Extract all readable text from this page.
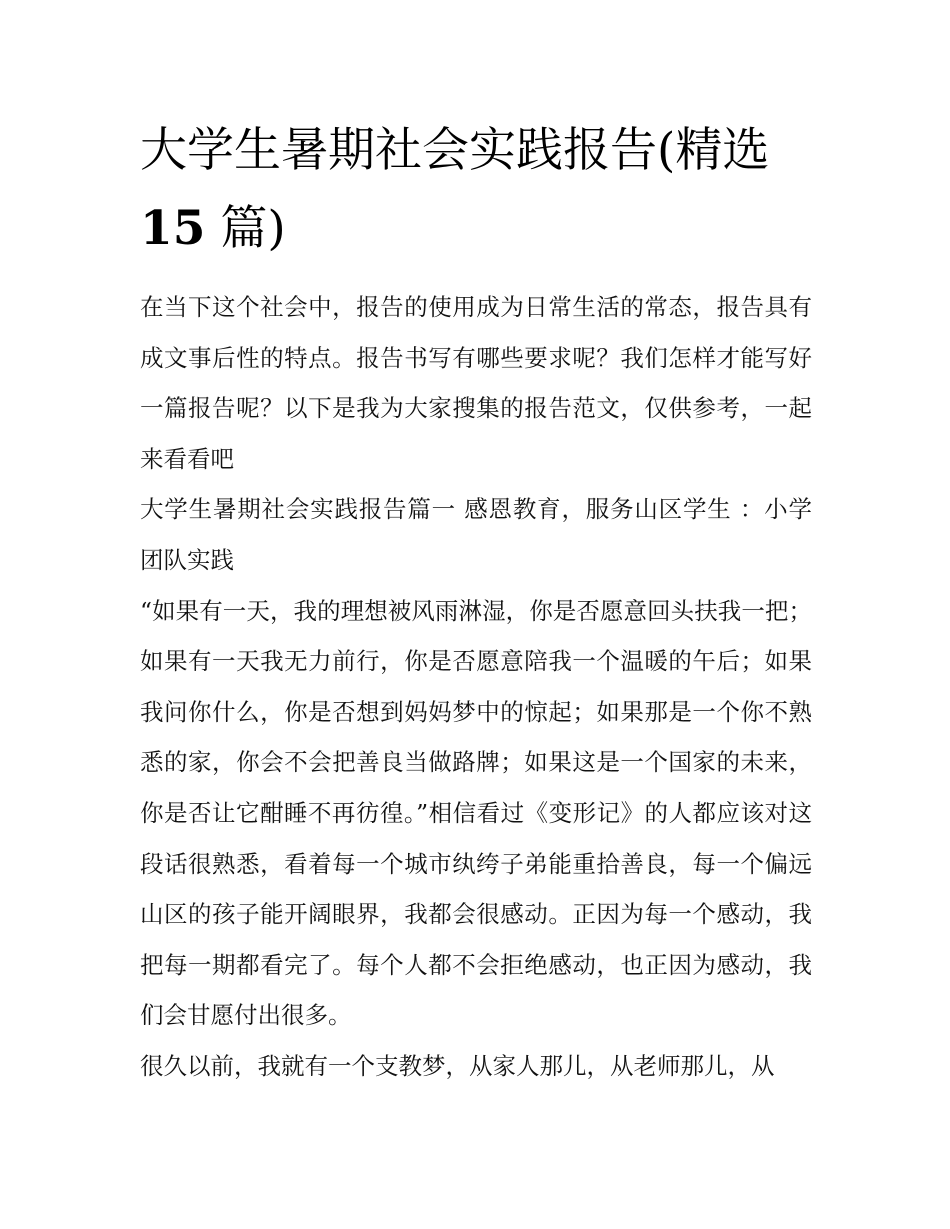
大学生暑期社会实践报告(精选
15 篇)

在当下这个社会中，报告的使用成为日常生活的常态，报告具有成文事后性的特点。报告书写有哪些要求呢？我们怎样才能写好一篇报告呢？以下是我为大家搜集的报告范文，仅供参考，一起来看看吧

大学生暑期社会实践报告篇一 感恩教育，服务山区学生 ：小学 团队实践

“如果有一天，我的理想被风雨淋湿，你是否愿意回头扶我一把；如果有一天我无力前行，你是否愿意陪我一个温暖的午后；如果我问你什么，你是否想到妈妈梦中的惊起；如果那是一个你不熟悉的家，你会不会把善良当做路牌；如果这是一个国家的未来，你是否让它酣睡不再彷徨。”相信看过《变形记》的人都应该对这段话很熟悉，看着每一个城市纨绔子弟能重拾善良，每一个偏远山区的孩子能开阔眼界，我都会很感动。正因为每一个感动，我把每一期都看完了。每个人都不会拒绝感动，也正因为感动，我们会甘愿付出很多。

很久以前，我就有一个支教梦，从家人那儿，从老师那儿，从
